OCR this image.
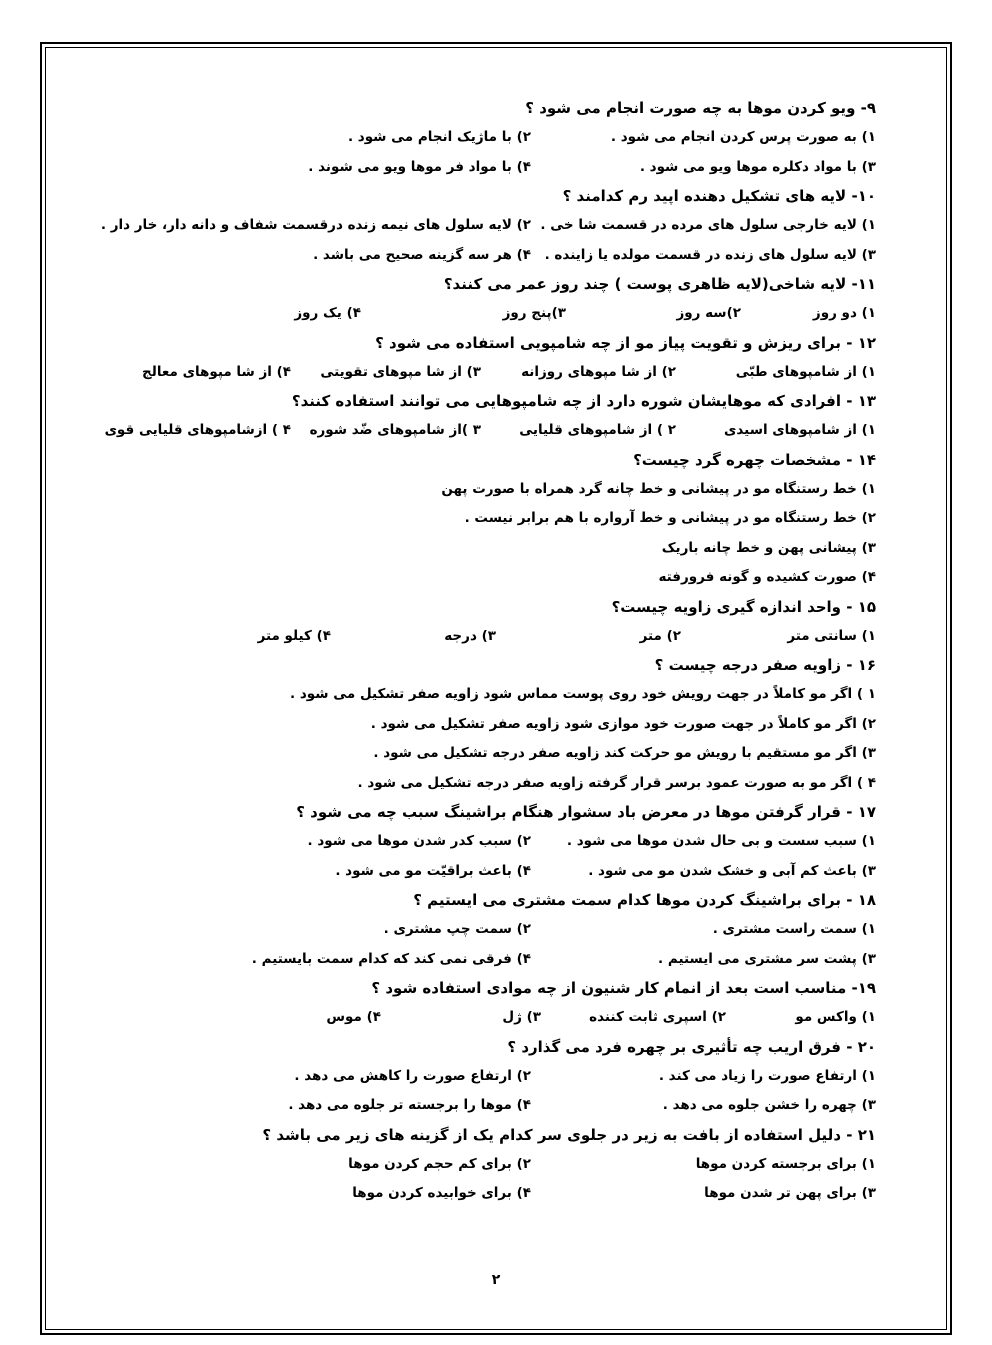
۹- ویو کردن موها به چه صورت انجام می شود ؟
۱) به صورت پرس کردن انجام می شود .
۲) با ماژیک انجام می شود .
۳) با مواد دکلره موها ویو می شود .
۴) با مواد فر موها ویو می شوند .
۱۰- لایه های تشکیل دهنده اپید رم کدامند ؟
۱) لایه خارجی سلول های مرده در قسمت شا خی .
۲) لایه سلول های نیمه زنده درقسمت شفاف و دانه دار، خار دار .
۳) لایه سلول های زنده در قسمت مولده یا زاینده .
۴) هر سه گزینه صحیح می باشد .
۱۱- لایه شاخی(لایه ظاهری پوست ) چند روز عمر می کنند؟
۱) دو روز
۲)سه روز
۳)پنج روز
۴) یک روز
۱۲ - برای ریزش و تقویت پیاز مو از چه شامپویی استفاده می شود ؟
۱) از شامپوهای طبّی
۲) از شا مپوهای روزانه
۳) از شا مپوهای تقویتی
۴) از شا مپوهای معالج
۱۳ - افرادی که موهایشان شوره دارد از چه شامپوهایی می توانند استفاده کنند؟
۱) از شامپوهای اسیدی
۲ ) از شامپوهای قلیایی
۳ )از شامپوهای ضّد شوره
۴ ) ازشامپوهای قلیایی قوی
۱۴ - مشخصات چهره گرد چیست؟
۱) خط رستنگاه مو در پیشانی و خط چانه گرد همراه با صورت پهن
۲) خط رستنگاه مو در پیشانی و خط آرواره با هم برابر نیست .
۳) پیشانی پهن و خط چانه باریک
۴) صورت کشیده و گونه فرورفته
۱۵ - واحد اندازه گیری زاویه چیست؟
۱) سانتی متر
۲) متر
۳) درجه
۴) کیلو متر
۱۶ - زاویه صفر درجه چیست ؟
۱ ) اگر مو کاملاً در جهت رویش خود روی پوست مماس شود زاویه صفر تشکیل می شود .
۲) اگر مو کاملاً در جهت صورت خود موازی شود زاویه صفر تشکیل می شود .
۳) اگر مو مستقیم با رویش مو حرکت کند زاویه صفر درجه تشکیل می شود .
۴ ) اگر مو به صورت عمود برسر قرار گرفته زاویه صفر درجه تشکیل می شود .
۱۷ - قرار گرفتن موها در معرض باد سشوار هنگام براشینگ سبب چه می شود ؟
۱) سبب سست و بی حال شدن موها می شود .
۲) سبب کدر شدن موها می شود .
۳) باعث کم آبی و خشک شدن مو می شود .
۴) باعث براقیّت مو می شود .
۱۸ - برای براشینگ کردن موها کدام سمت مشتری می ایستیم ؟
۱) سمت راست مشتری .
۲) سمت چپ مشتری .
۳) پشت سر مشتری می ایستیم .
۴) فرقی نمی کند که کدام سمت بایستیم .
۱۹- مناسب است بعد از انمام کار شنیون از چه موادی استفاده شود ؟
۱) واکس مو
۲) اسپری ثابت کننده
۳) ژل
۴) موس
۲۰ - فرق اریب چه تأثیری بر چهره فرد می گذارد ؟
۱) ارتفاع صورت را زیاد می کند .
۲) ارتفاع صورت را کاهش می دهد .
۳) چهره را خشن جلوه می دهد .
۴) موها را برجسته تر جلوه می دهد .
۲۱ - دلیل استفاده از بافت به زیر در جلوی سر کدام یک از گزینه های زیر می باشد ؟
۱) برای برجسته کردن موها
۲) برای کم حجم کردن موها
۳) برای پهن تر شدن موها
۴) برای خوابیده کردن موها
۲
